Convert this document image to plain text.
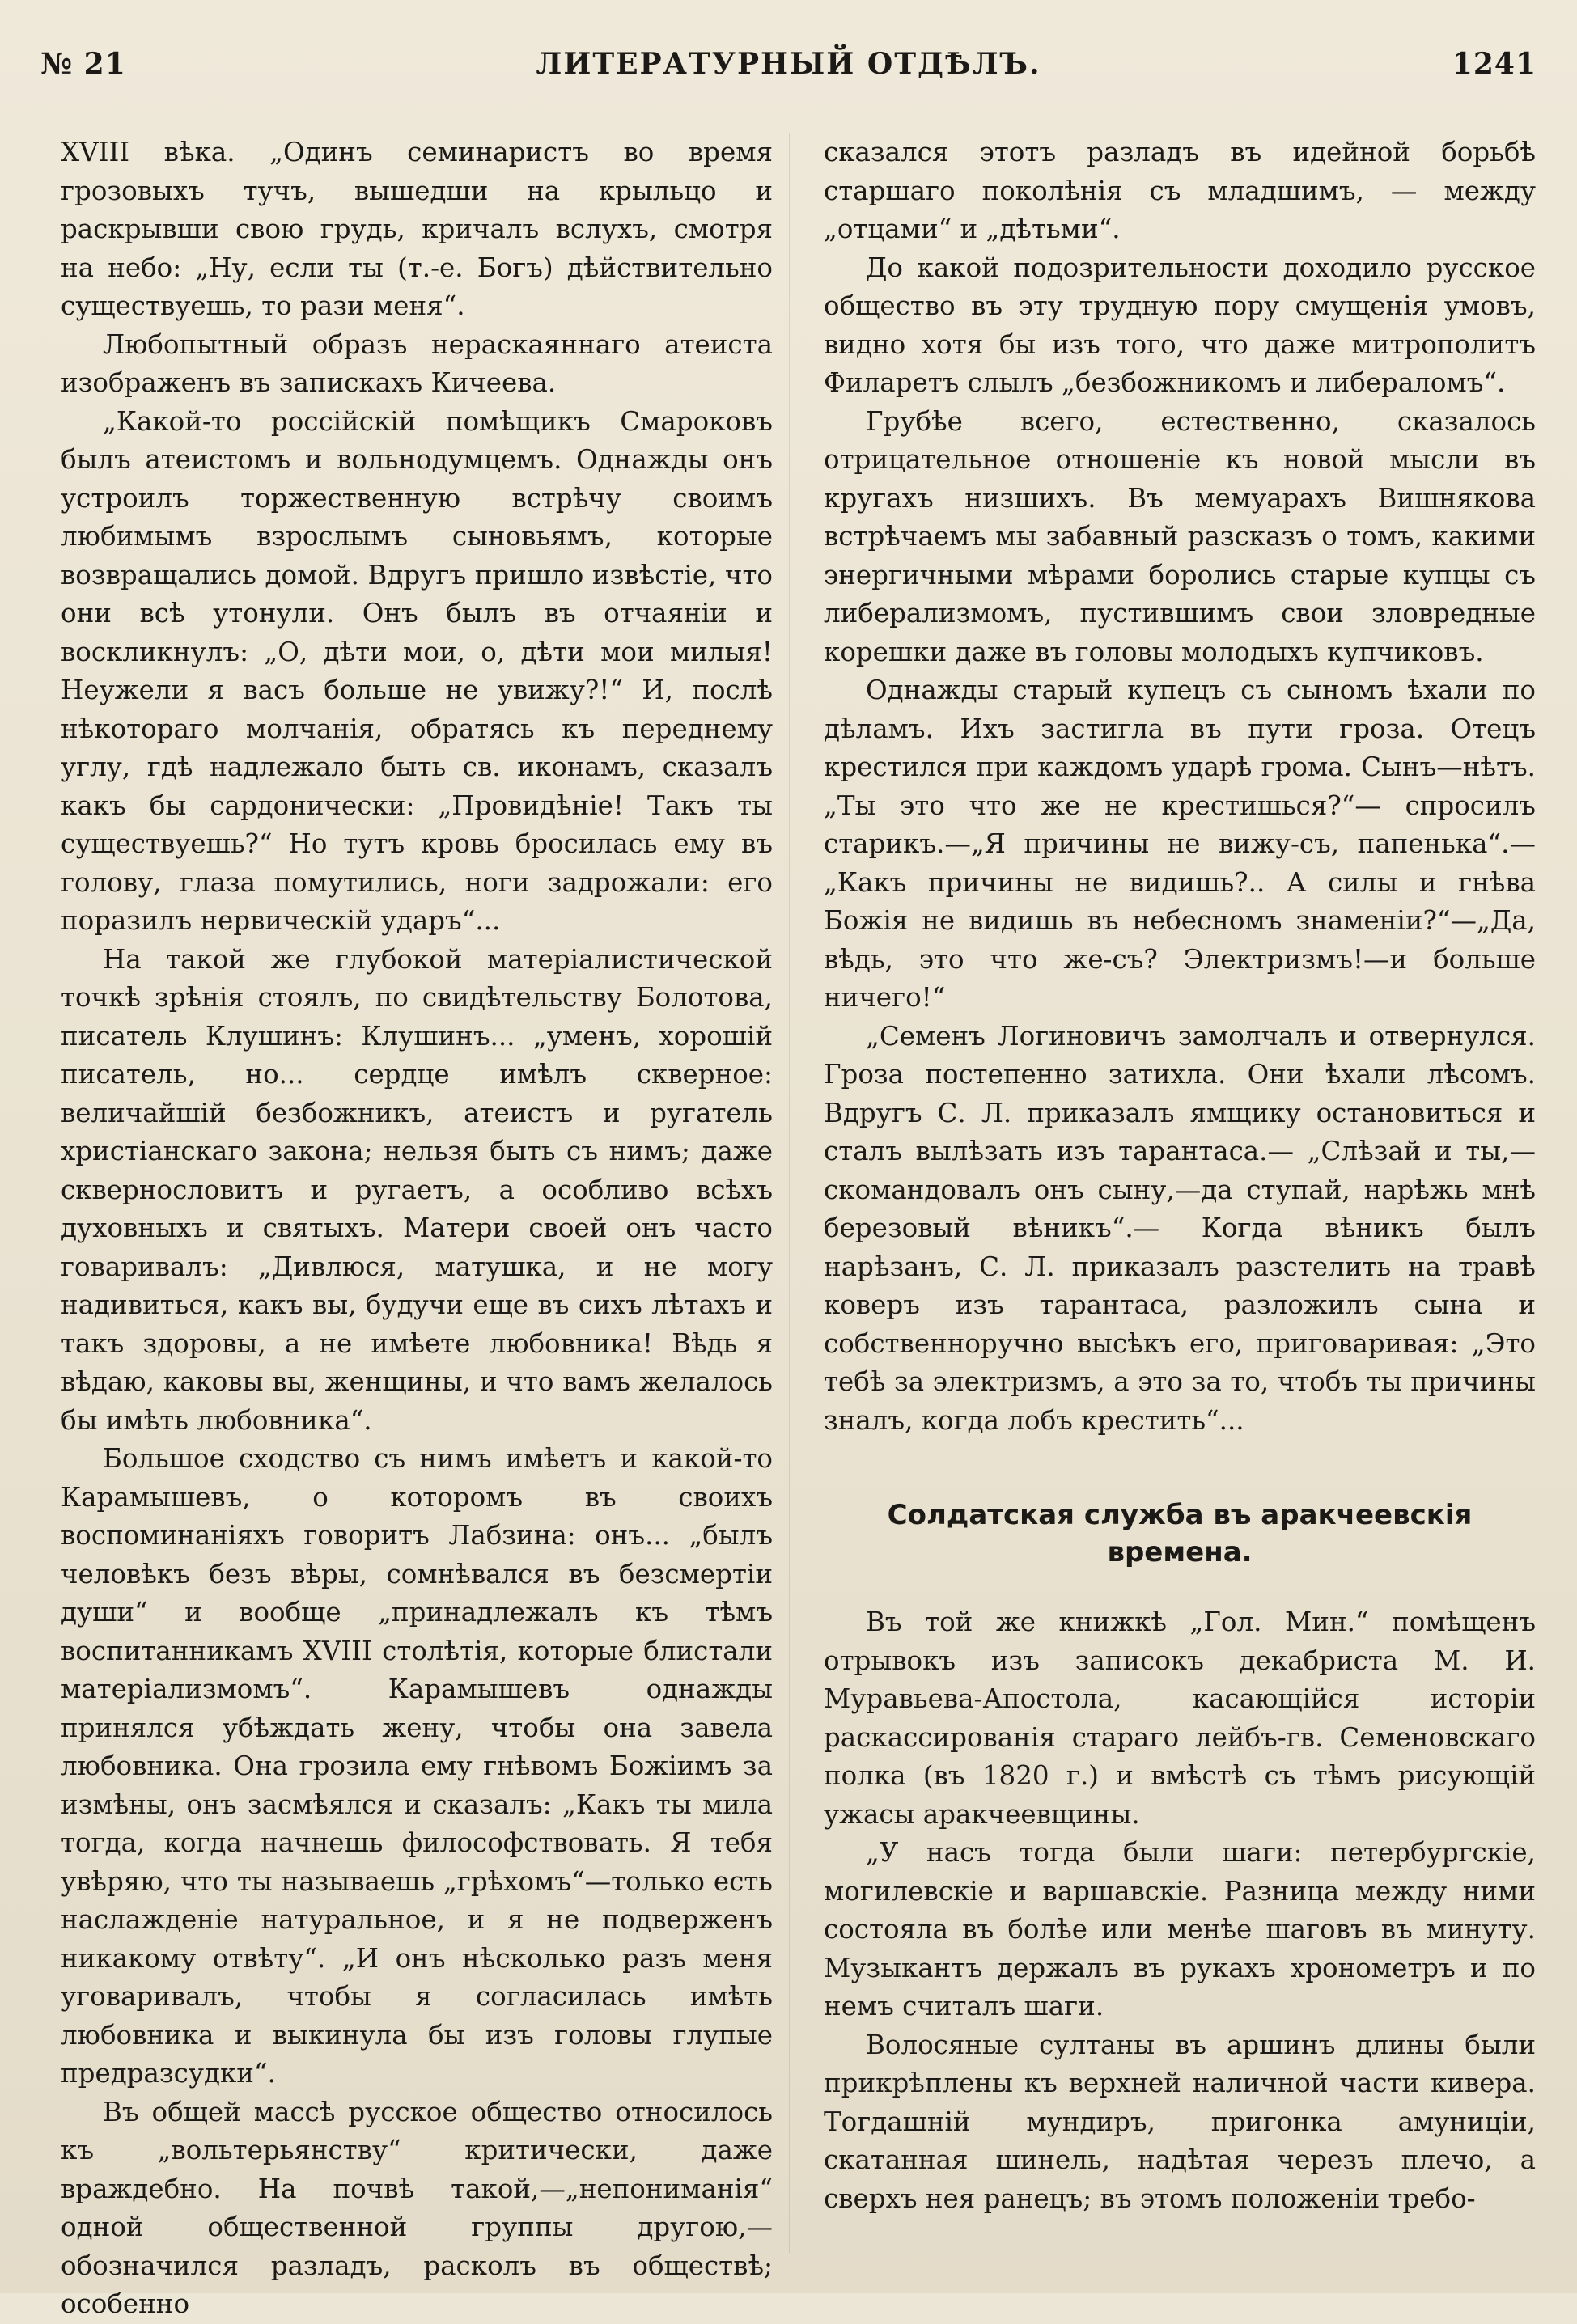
№ 21	ЛИТЕРАТУРНЫЙ ОТДѢЛЪ.	1241

XVIII вѣка. „Одинъ семинаристъ во время грозовыхъ тучъ, вышедши на крыльцо и раскрывши свою грудь, кричалъ вслухъ, смотря на небо: „Ну, если ты (т.-е. Богъ) дѣйствительно существуешь, то рази меня“.

Любопытный образъ нераскаяннаго атеиста изображенъ въ запискахъ Кичеева.

„Какой-то россійскій помѣщикъ Смароковъ былъ атеистомъ и вольнодумцемъ. Однажды онъ устроилъ торжественную встрѣчу своимъ любимымъ взрослымъ сыновьямъ, которые возвращались домой. Вдругъ пришло извѣстіе, что они всѣ утонули. Онъ былъ въ отчаяніи и воскликнулъ: „О, дѣти мои, о, дѣти мои милыя! Неужели я васъ больше не увижу?!“ И, послѣ нѣкотораго молчанія, обратясь къ переднему углу, гдѣ надлежало быть св. иконамъ, сказалъ какъ бы сардонически: „Провидѣніе! Такъ ты существуешь?“ Но тутъ кровь бросилась ему въ голову, глаза помутились, ноги задрожали: его поразилъ нервическій ударъ“...

На такой же глубокой матеріалистической точкѣ зрѣнія стоялъ, по свидѣтельству Болотова, писатель Клушинъ: Клушинъ... „уменъ, хорошій писатель, но... сердце имѣлъ скверное: величайшій безбожникъ, атеистъ и ругатель христіанскаго закона; нельзя быть съ нимъ; даже сквернословитъ и ругаетъ, а особливо всѣхъ духовныхъ и святыхъ. Матери своей онъ часто говаривалъ: „Дивлюся, матушка, и не могу надивиться, какъ вы, будучи еще въ сихъ лѣтахъ и такъ здоровы, а не имѣете любовника! Вѣдь я вѣдаю, каковы вы, женщины, и что вамъ желалось бы имѣть любовника“.

Большое сходство съ нимъ имѣетъ и какой-то Карамышевъ, о которомъ въ своихъ воспоминаніяхъ говоритъ Лабзина: онъ... „былъ человѣкъ безъ вѣры, сомнѣвался въ безсмертіи души“ и вообще „принадлежалъ къ тѣмъ воспитанникамъ XVIII столѣтія, которые блистали матеріализмомъ“. Карамышевъ однажды принялся убѣждать жену, чтобы она завела любовника. Она грозила ему гнѣвомъ Божіимъ за измѣны, онъ засмѣялся и сказалъ: „Какъ ты мила тогда, когда начнешь философствовать. Я тебя увѣряю, что ты называешь „грѣхомъ“—только есть наслажденіе натуральное, и я не подверженъ никакому отвѣту“. „И онъ нѣсколько разъ меня уговаривалъ, чтобы я согласилась имѣть любовника и выкинула бы изъ головы глупые предразсудки“.

Въ общей массѣ русское общество относилось къ „вольтерьянству“ критически, даже враждебно. На почвѣ такой,—„непониманія“ одной общественной группы другою,—обозначился разладъ, расколъ въ обществѣ; особенно

сказался этотъ разладъ въ идейной борьбѣ старшаго поколѣнія съ младшимъ, — между „отцами“ и „дѣтьми“.

До какой подозрительности доходило русское общество въ эту трудную пору смущенія умовъ, видно хотя бы изъ того, что даже митрополитъ Филаретъ слылъ „безбожникомъ и либераломъ“.

Грубѣе всего, естественно, сказалось отрицательное отношеніе къ новой мысли въ кругахъ низшихъ. Въ мемуарахъ Вишнякова встрѣчаемъ мы забавный разсказъ о томъ, какими энергичными мѣрами боролись старые купцы съ либерализмомъ, пустившимъ свои зловредные корешки даже въ головы молодыхъ купчиковъ.

Однажды старый купецъ съ сыномъ ѣхали по дѣламъ. Ихъ застигла въ пути гроза. Отецъ крестился при каждомъ ударѣ грома. Сынъ—нѣтъ. „Ты это что же не крестишься?“— спросилъ старикъ.—„Я причины не вижу-съ, папенька“.—„Какъ причины не видишь?.. А силы и гнѣва Божія не видишь въ небесномъ знаменіи?“—„Да, вѣдь, это что же-съ? Электризмъ!—и больше ничего!“

„Семенъ Логиновичъ замолчалъ и отвернулся. Гроза постепенно затихла. Они ѣхали лѣсомъ. Вдругъ С. Л. приказалъ ямщику остановиться и сталъ вылѣзать изъ тарантаса.— „Слѣзай и ты,—скомандовалъ онъ сыну,—да ступай, нарѣжь мнѣ березовый вѣникъ“.— Когда вѣникъ былъ нарѣзанъ, С. Л. приказалъ разстелить на травѣ коверъ изъ тарантаса, разложилъ сына и собственноручно высѣкъ его, приговаривая: „Это тебѣ за электризмъ, а это за то, чтобъ ты причины зналъ, когда лобъ крестить“...

Солдатская служба въ аракчеевскія времена.

Въ той же книжкѣ „Гол. Мин.“ помѣщенъ отрывокъ изъ записокъ декабриста М. И. Муравьева-Апостола, касающійся исторіи раскассированія стараго лейбъ-гв. Семеновскаго полка (въ 1820 г.) и вмѣстѣ съ тѣмъ рисующій ужасы аракчеевщины.

„У насъ тогда были шаги: петербургскіе, могилевскіе и варшавскіе. Разница между ними состояла въ болѣе или менѣе шаговъ въ минуту. Музыкантъ держалъ въ рукахъ хронометръ и по немъ считалъ шаги.

Волосяные султаны въ аршинъ длины были прикрѣплены къ верхней наличной части кивера. Тогдашній мундиръ, пригонка амуниціи, скатанная шинель, надѣтая черезъ плечо, а сверхъ нея ранецъ; въ этомъ положеніи требо-
